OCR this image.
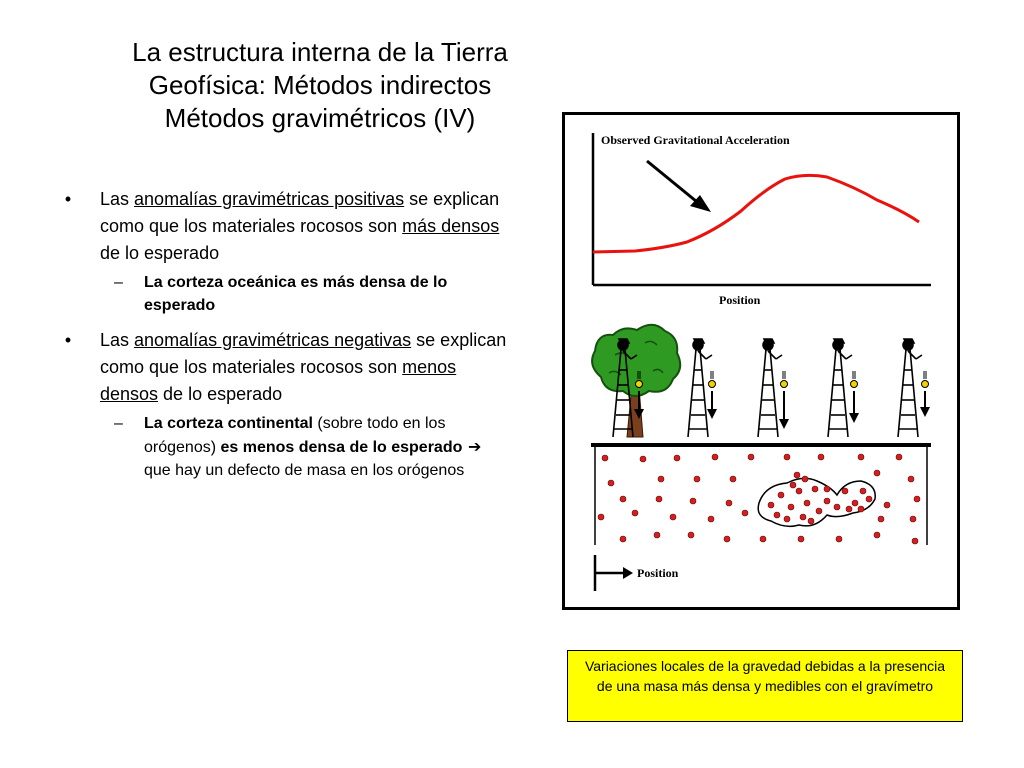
La estructura interna de la Tierra
Geofísica: Métodos indirectos
Métodos gravimétricos (IV)
•	Las anomalías gravimétricas positivas se explican como que los materiales rocosos son más densos de lo esperado
– La corteza oceánica es más densa de lo esperado
•	Las anomalías gravimétricas negativas se explican como que los materiales rocosos son menos densos de lo esperado
– La corteza continental (sobre todo en los orógenos) es menos densa de lo esperado ➔ que hay un defecto de masa en los orógenos
Observed Gravitational Acceleration
Position
Position
Variaciones locales de la gravedad debidas a la presencia de una masa más densa y medibles con el gravímetro
